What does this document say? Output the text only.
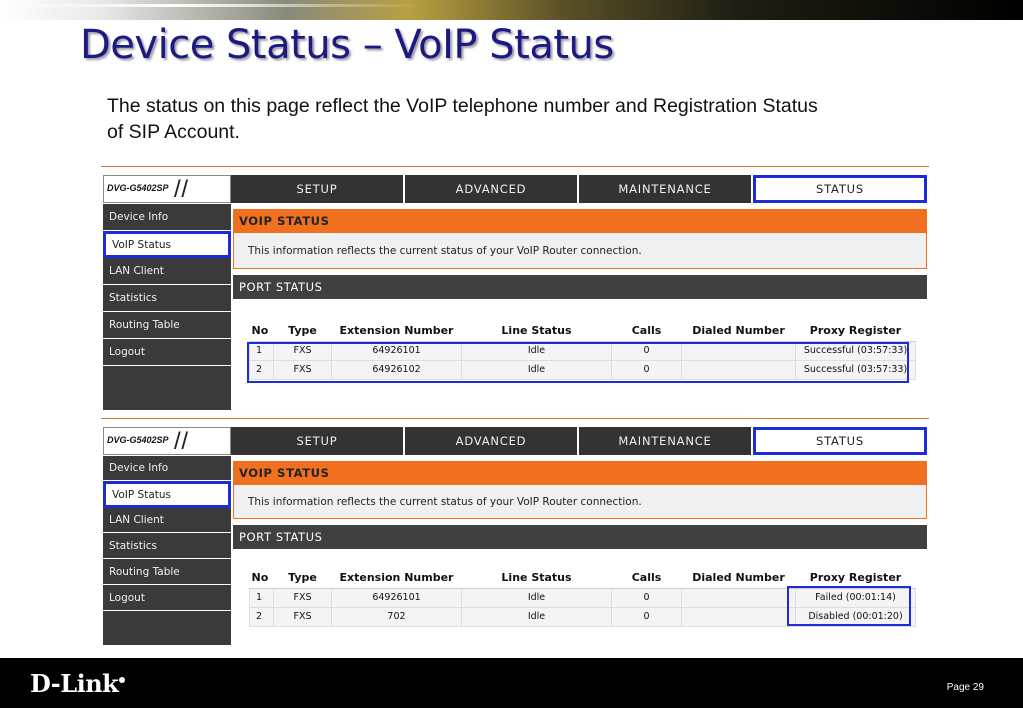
Device Status – VoIP Status
The status on this page reflect the VoIP telephone number and Registration Status of SIP Account.
DVG-G5402SP / /	SETUP	ADVANCED	MAINTENANCE	STATUS
Device Info
VoIP Status
LAN Client
Statistics
Routing Table
Logout
VOIP STATUS
This information reflects the current status of your VoIP Router connection.
PORT STATUS
No	Type	Extension Number	Line Status	Calls	Dialed Number	Proxy Register
1	FXS	64926101	Idle	0		Successful (03:57:33)
2	FXS	64926102	Idle	0		Successful (03:57:33)
DVG-G5402SP / /	SETUP	ADVANCED	MAINTENANCE	STATUS
Device Info
VoIP Status
LAN Client
Statistics
Routing Table
Logout
VOIP STATUS
This information reflects the current status of your VoIP Router connection.
PORT STATUS
No	Type	Extension Number	Line Status	Calls	Dialed Number	Proxy Register
1	FXS	64926101	Idle	0		Failed (00:01:14)
2	FXS	702	Idle	0		Disabled (00:01:20)
D-Link	Page 29
